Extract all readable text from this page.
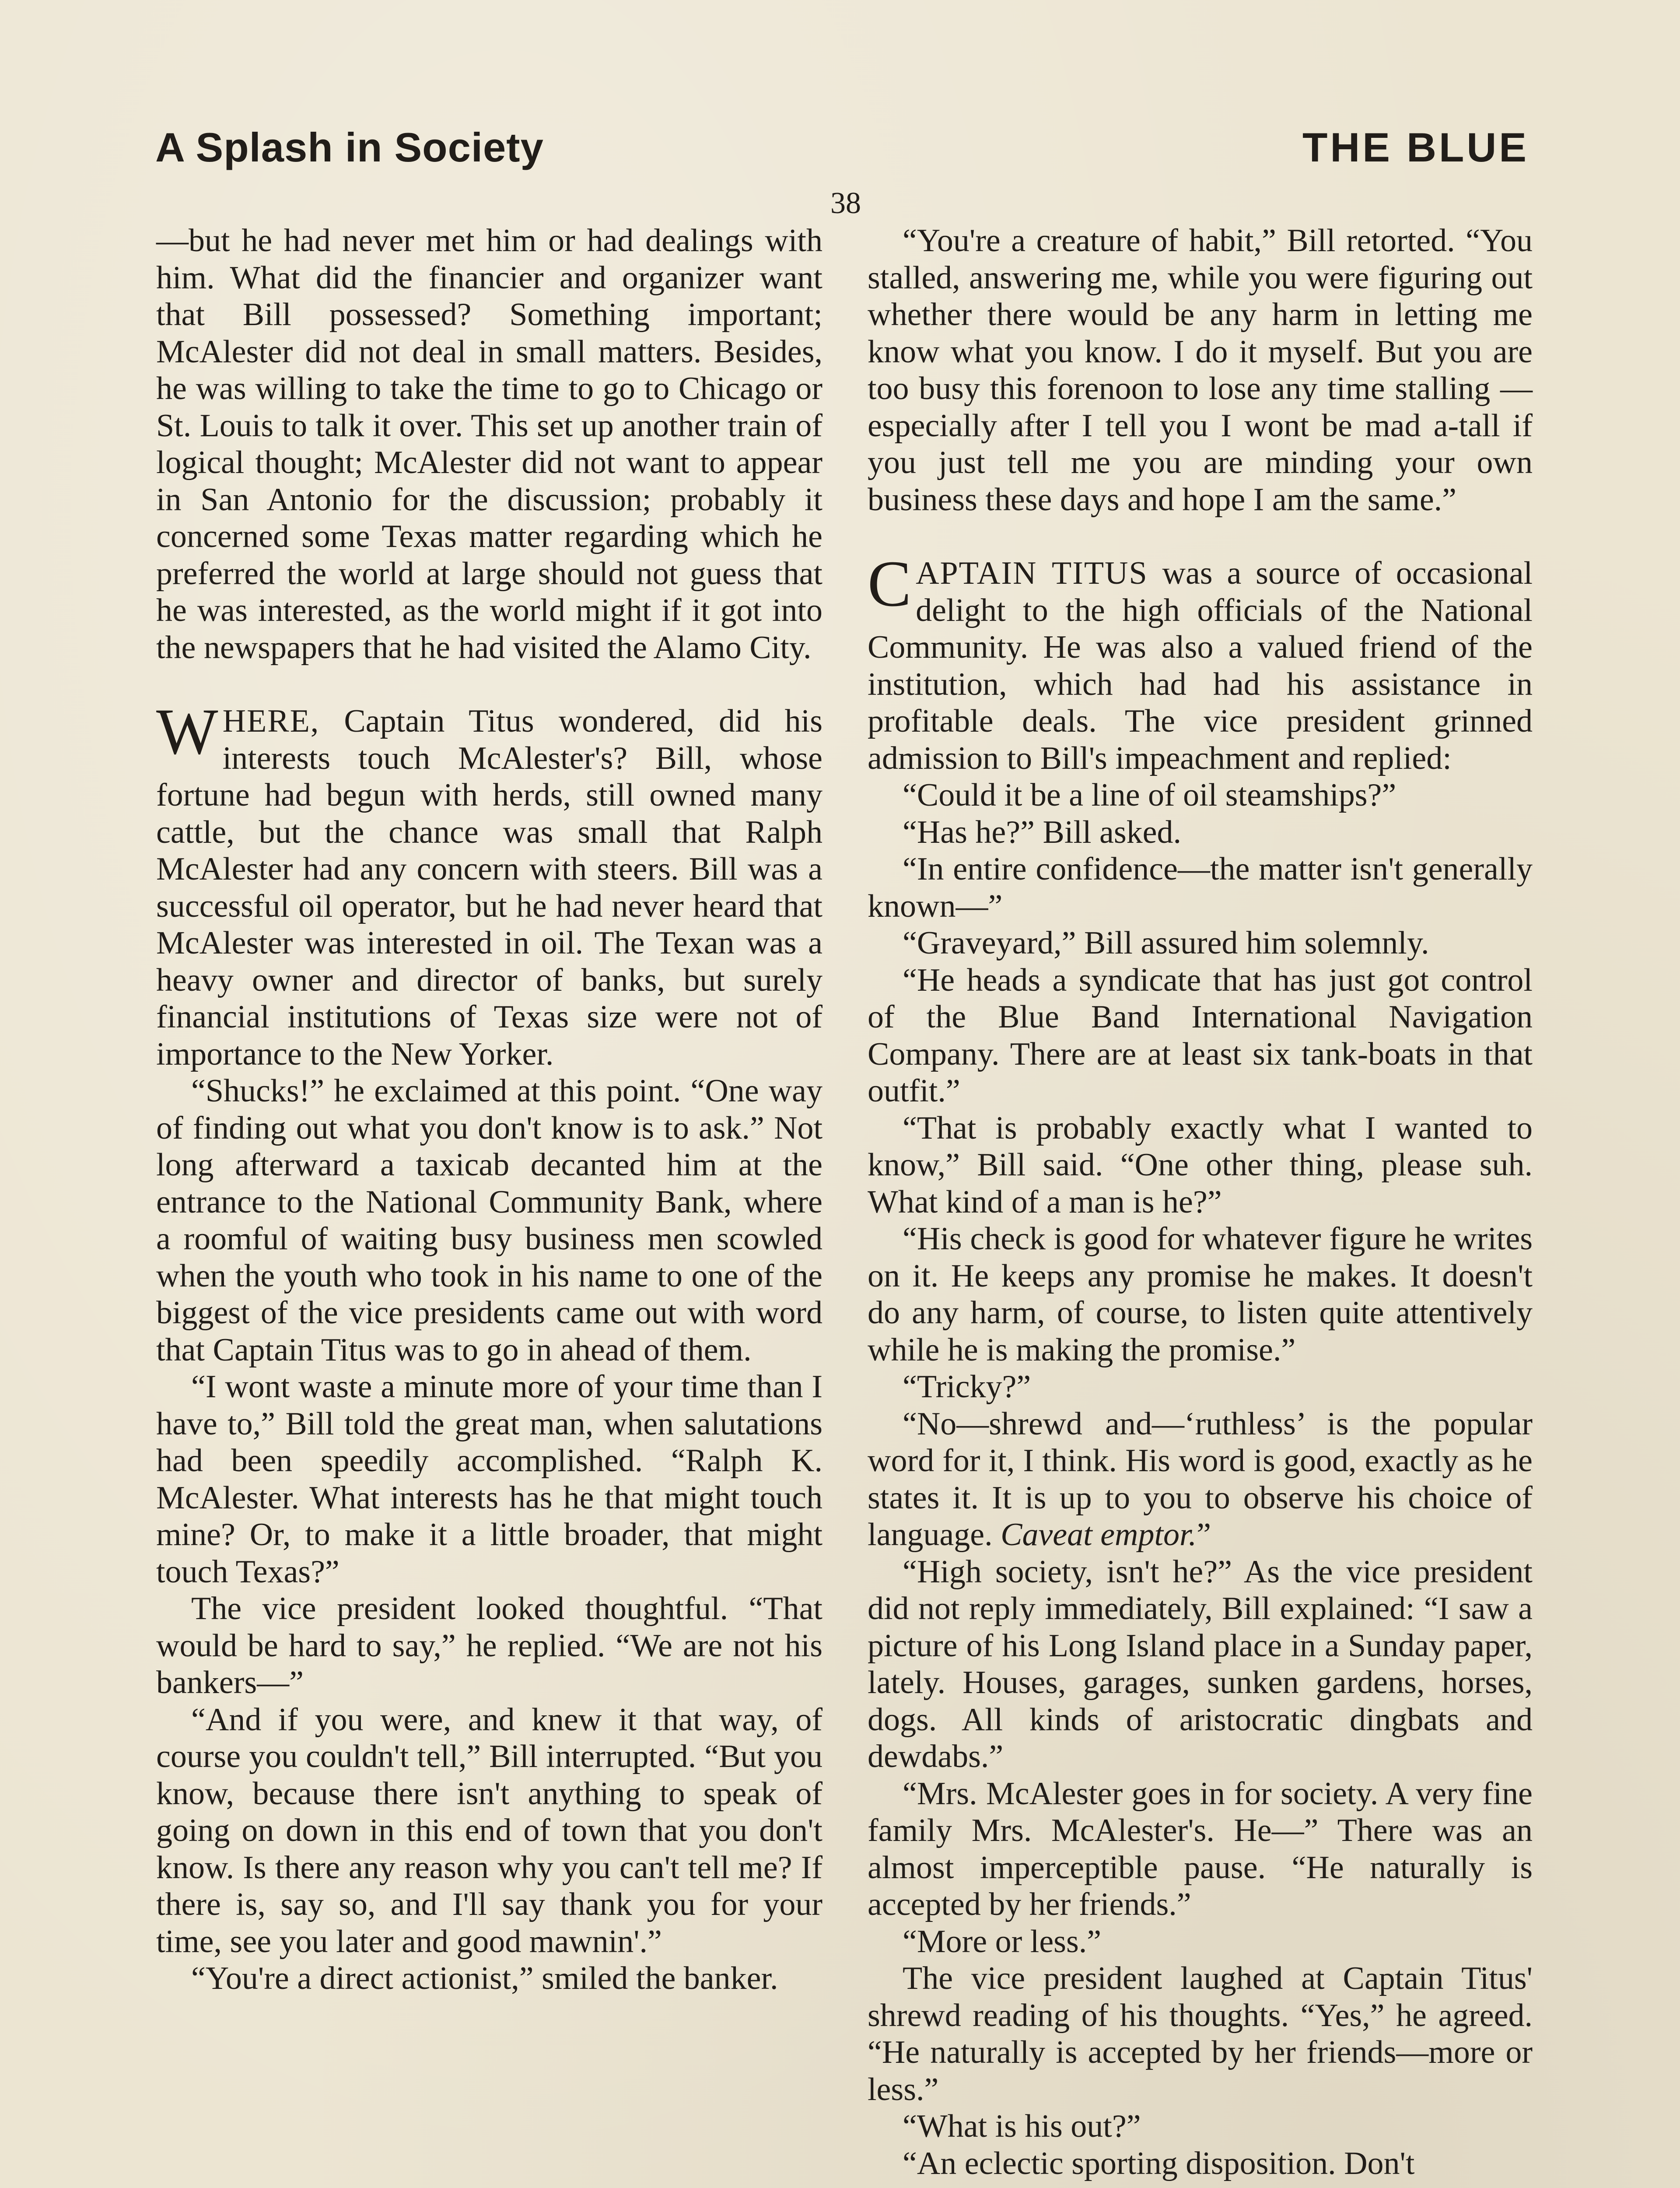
A Splash in Society	THE BLUE
38

—but he had never met him or had dealings with him. What did the financier and organizer want that Bill possessed? Something important; McAlester did not deal in small matters. Besides, he was willing to take the time to go to Chicago or St. Louis to talk it over. This set up another train of logical thought; McAlester did not want to appear in San Antonio for the discussion; probably it concerned some Texas matter regarding which he preferred the world at large should not guess that he was interested, as the world might if it got into the newspapers that he had visited the Alamo City.

WHERE, Captain Titus wondered, did his interests touch McAlester's? Bill, whose fortune had begun with herds, still owned many cattle, but the chance was small that Ralph McAlester had any concern with steers. Bill was a successful oil operator, but he had never heard that McAlester was interested in oil. The Texan was a heavy owner and director of banks, but surely financial institutions of Texas size were not of importance to the New Yorker.

“Shucks!” he exclaimed at this point. “One way of finding out what you don't know is to ask.” Not long afterward a taxicab decanted him at the entrance to the National Community Bank, where a roomful of waiting busy business men scowled when the youth who took in his name to one of the biggest of the vice presidents came out with word that Captain Titus was to go in ahead of them.

“I wont waste a minute more of your time than I have to,” Bill told the great man, when salutations had been speedily accomplished. “Ralph K. McAlester. What interests has he that might touch mine? Or, to make it a little broader, that might touch Texas?”

The vice president looked thoughtful. “That would be hard to say,” he replied. “We are not his bankers—”

“And if you were, and knew it that way, of course you couldn't tell,” Bill interrupted. “But you know, because there isn't anything to speak of going on down in this end of town that you don't know. Is there any reason why you can't tell me? If there is, say so, and I'll say thank you for your time, see you later and good mawnin'.”

“You're a direct actionist,” smiled the banker.

“You're a creature of habit,” Bill retorted. “You stalled, answering me, while you were figuring out whether there would be any harm in letting me know what you know. I do it myself. But you are too busy this forenoon to lose any time stalling —especially after I tell you I wont be mad a-tall if you just tell me you are minding your own business these days and hope I am the same.”

CAPTAIN TITUS was a source of occasional delight to the high officials of the National Community. He was also a valued friend of the institution, which had had his assistance in profitable deals. The vice president grinned admission to Bill's impeachment and replied:

“Could it be a line of oil steamships?”

“Has he?” Bill asked.

“In entire confidence—the matter isn't generally known—”

“Graveyard,” Bill assured him solemnly.

“He heads a syndicate that has just got control of the Blue Band International Navigation Company. There are at least six tank-boats in that outfit.”

“That is probably exactly what I wanted to know,” Bill said. “One other thing, please suh. What kind of a man is he?”

“His check is good for whatever figure he writes on it. He keeps any promise he makes. It doesn't do any harm, of course, to listen quite attentively while he is making the promise.”

“Tricky?”

“No—shrewd and—‘ruthless’ is the popular word for it, I think. His word is good, exactly as he states it. It is up to you to observe his choice of language. Caveat emptor.”

“High society, isn't he?” As the vice president did not reply immediately, Bill explained: “I saw a picture of his Long Island place in a Sunday paper, lately. Houses, garages, sunken gardens, horses, dogs. All kinds of aristocratic dingbats and dewdabs.”

“Mrs. McAlester goes in for society. A very fine family Mrs. McAlester's. He—” There was an almost imperceptible pause. “He naturally is accepted by her friends.”

“More or less.”

The vice president laughed at Captain Titus' shrewd reading of his thoughts. “Yes,” he agreed. “He naturally is accepted by her friends—more or less.”

“What is his out?”

“An eclectic sporting disposition. Don't
